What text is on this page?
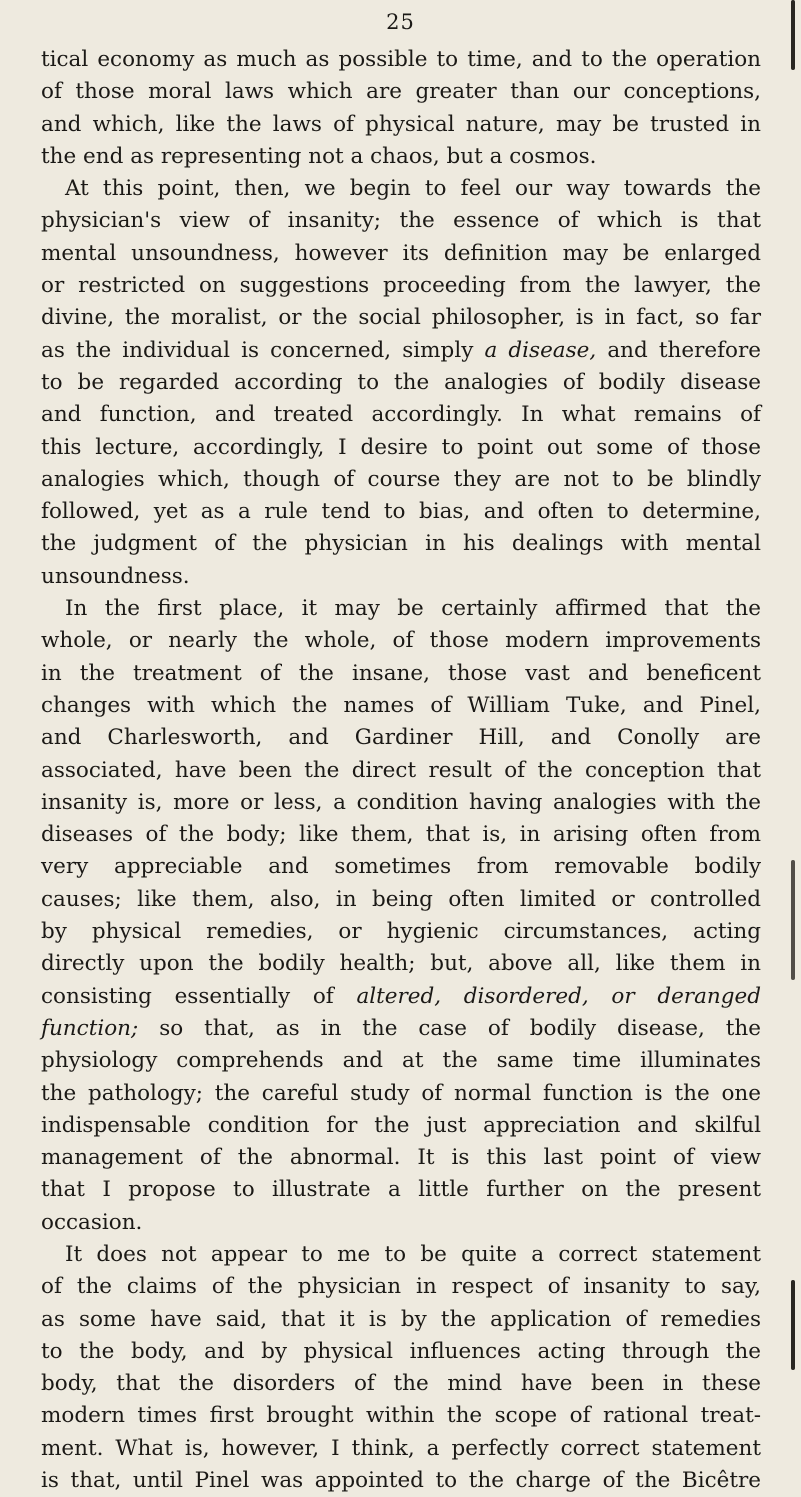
25
tical economy as much as possible to time, and to the operation
of those moral laws which are greater than our conceptions,
and which, like the laws of physical nature, may be trusted in
the end as representing not a chaos, but a cosmos.
At this point, then, we begin to feel our way towards the
physician's view of insanity; the essence of which is that
mental unsoundness, however its definition may be enlarged
or restricted on suggestions proceeding from the lawyer, the
divine, the moralist, or the social philosopher, is in fact, so far
as the individual is concerned, simply a disease, and therefore
to be regarded according to the analogies of bodily disease
and function, and treated accordingly. In what remains of
this lecture, accordingly, I desire to point out some of those
analogies which, though of course they are not to be blindly
followed, yet as a rule tend to bias, and often to determine,
the judgment of the physician in his dealings with mental
unsoundness.
In the first place, it may be certainly affirmed that the
whole, or nearly the whole, of those modern improvements
in the treatment of the insane, those vast and beneficent
changes with which the names of William Tuke, and Pinel,
and Charlesworth, and Gardiner Hill, and Conolly are
associated, have been the direct result of the conception that
insanity is, more or less, a condition having analogies with the
diseases of the body; like them, that is, in arising often from
very appreciable and sometimes from removable bodily
causes; like them, also, in being often limited or controlled
by physical remedies, or hygienic circumstances, acting
directly upon the bodily health; but, above all, like them in
consisting essentially of altered, disordered, or deranged
function; so that, as in the case of bodily disease, the
physiology comprehends and at the same time illuminates
the pathology; the careful study of normal function is the one
indispensable condition for the just appreciation and skilful
management of the abnormal. It is this last point of view
that I propose to illustrate a little further on the present
occasion.
It does not appear to me to be quite a correct statement
of the claims of the physician in respect of insanity to say,
as some have said, that it is by the application of remedies
to the body, and by physical influences acting through the
body, that the disorders of the mind have been in these
modern times first brought within the scope of rational treat-
ment. What is, however, I think, a perfectly correct statement
is that, until Pinel was appointed to the charge of the Bicêtre
